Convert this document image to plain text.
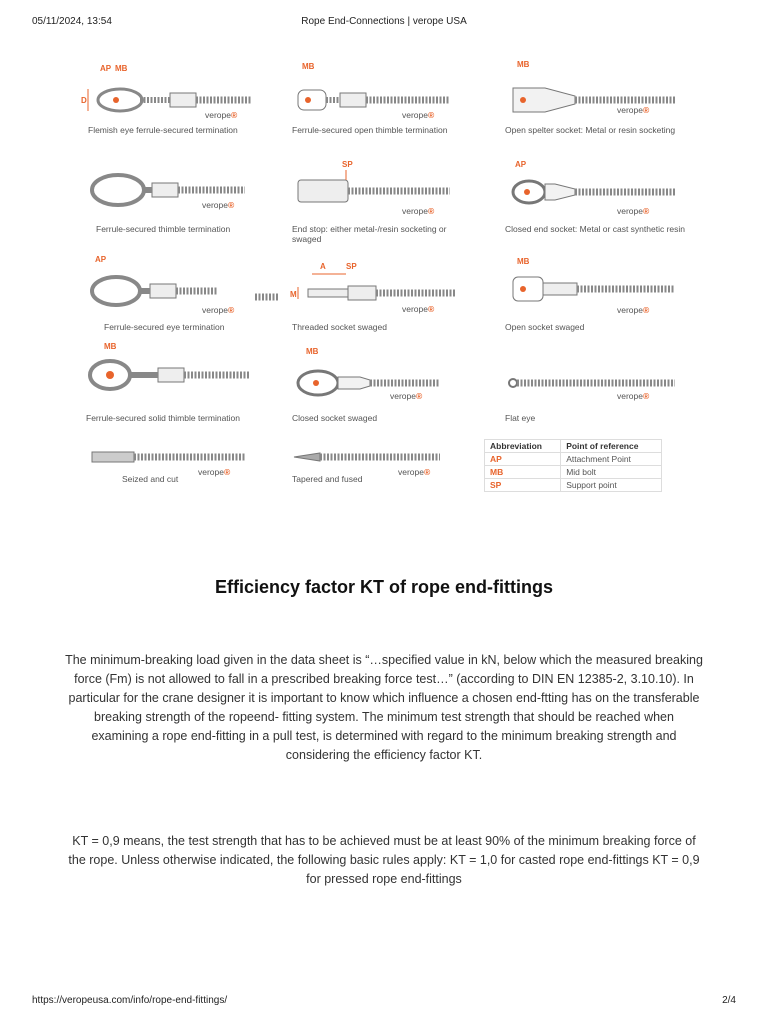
05/11/2024, 13:54	Rope End-Connections | verope USA
AP MB
D
verope®
Flemish eye ferrule-secured termination
MB
verope®
Ferrule-secured open thimble termination
MB
verope®
Open spelter socket: Metal or resin socketing
verope®
Ferrule-secured thimble termination
SP
verope®
End stop: either metal-/resin socketing or swaged
AP
verope®
Closed end socket: Metal or cast synthetic resin
AP
verope®
Ferrule-secured eye termination
A	SP
M
verope®
Threaded socket swaged
MB
verope®
Open socket swaged
MB
Ferrule-secured solid thimble termination
MB
verope®
Closed socket swaged
verope®
Flat eye
verope®
Seized and cut
verope®
Tapered and fused
Abbreviation	Point of reference
AP	Attachment Point
MB	Mid bolt
SP	Support point
Efficiency factor KT of rope end-fittings

The minimum-breaking load given in the data sheet is “…specified value in kN, below which the measured breaking force (Fm) is not allowed to fall in a prescribed breaking force test…” (according to DIN EN 12385-2, 3.10.10). In particular for the crane designer it is important to know which influence a chosen end-ftting has on the transferable breaking strength of the ropeend- fitting system. The minimum test strength that should be reached when examining a rope end-fitting in a pull test, is determined with regard to the minimum breaking strength and considering the efficiency factor KT.

KT = 0,9 means, the test strength that has to be achieved must be at least 90% of the minimum breaking force of the rope. Unless otherwise indicated, the following basic rules apply: KT = 1,0 for casted rope end-fittings KT = 0,9 for pressed rope end-fittings

https://veropeusa.com/info/rope-end-fittings/	2/4
